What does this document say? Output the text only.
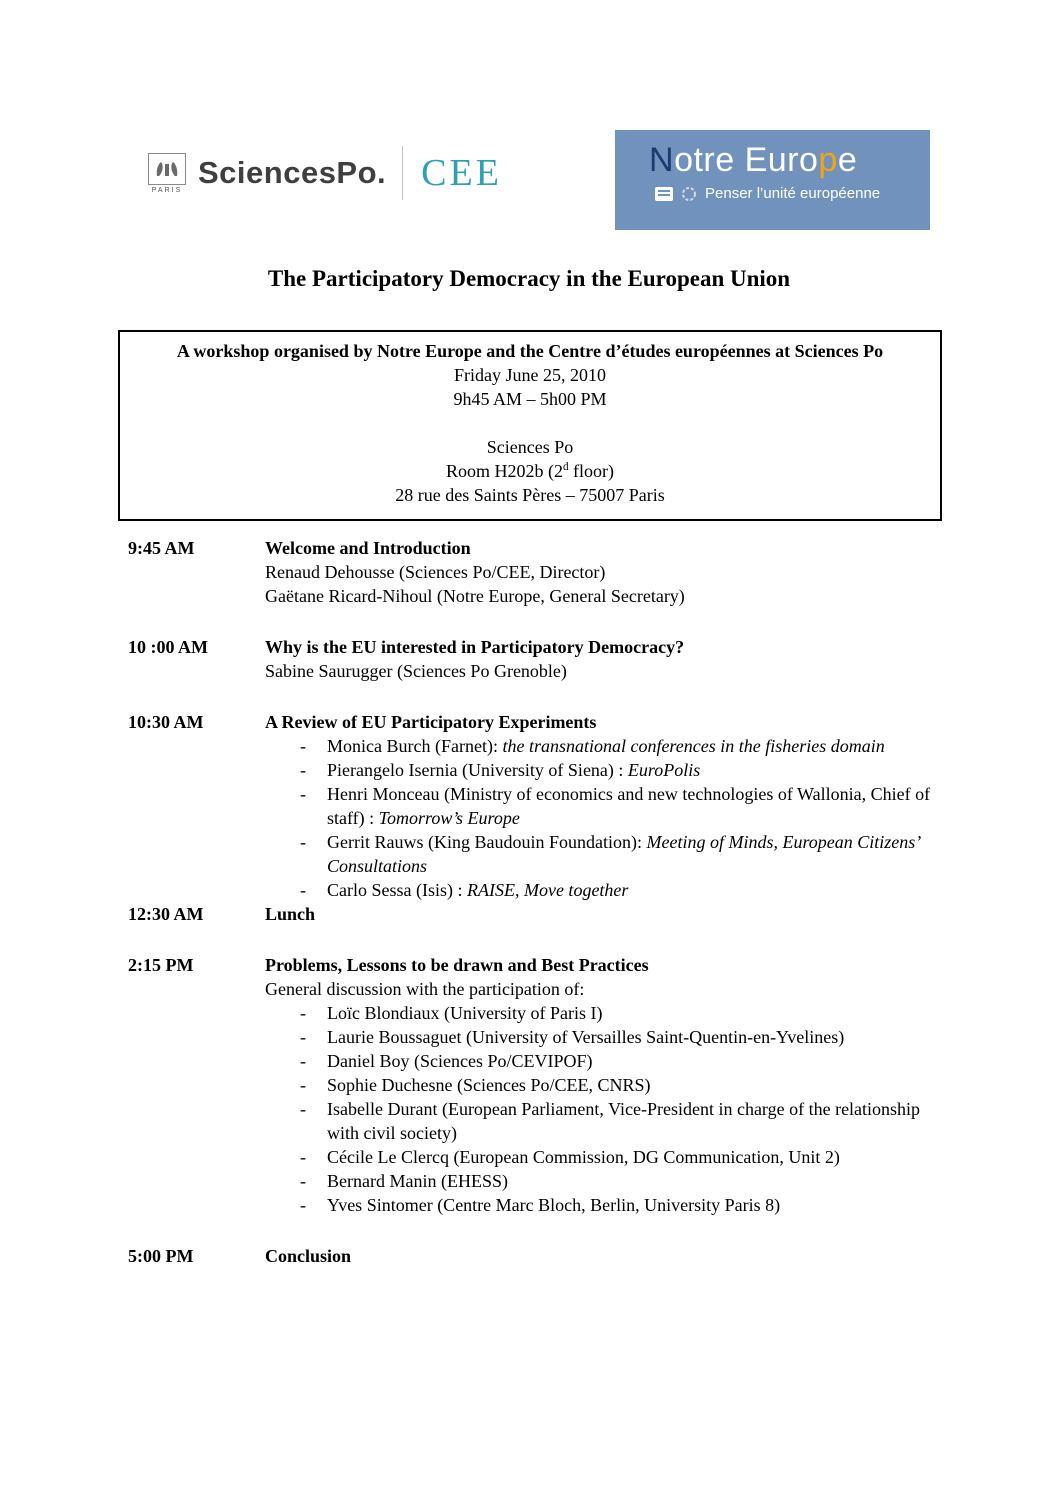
PARIS SciencesPo. CEE	Notre Europe
Penser l’unité européenne
The Participatory Democracy in the European Union
A workshop organised by Notre Europe and the Centre d’études européennes at Sciences Po
Friday June 25, 2010
9h45 AM – 5h00 PM
Sciences Po
Room H202b (2$^d$ floor)
28 rue des Saints Pères – 75007 Paris
9:45 AM	Welcome and Introduction
Renaud Dehousse (Sciences Po/CEE, Director)
Gaëtane Ricard-Nihoul (Notre Europe, General Secretary)
10 :00 AM	Why is the EU interested in Participatory Democracy?
Sabine Saurugger (Sciences Po Grenoble)
10:30 AM	A Review of EU Participatory Experiments
-	Monica Burch (Farnet): the transnational conferences in the fisheries domain
-	Pierangelo Isernia (University of Siena) : EuroPolis
-	Henri Monceau (Ministry of economics and new technologies of Wallonia, Chief of staff) : Tomorrow’s Europe
-	Gerrit Rauws (King Baudouin Foundation): Meeting of Minds, European Citizens’ Consultations
-	Carlo Sessa (Isis) : RAISE, Move together
12:30 AM	Lunch
2:15 PM	Problems, Lessons to be drawn and Best Practices
General discussion with the participation of:
-	Loïc Blondiaux (University of Paris I)
-	Laurie Boussaguet (University of Versailles Saint-Quentin-en-Yvelines)
-	Daniel Boy (Sciences Po/CEVIPOF)
-	Sophie Duchesne (Sciences Po/CEE, CNRS)
-	Isabelle Durant (European Parliament, Vice-President in charge of the relationship with civil society)
-	Cécile Le Clercq (European Commission, DG Communication, Unit 2)
-	Bernard Manin (EHESS)
-	Yves Sintomer (Centre Marc Bloch, Berlin, University Paris 8)
5:00 PM	Conclusion
